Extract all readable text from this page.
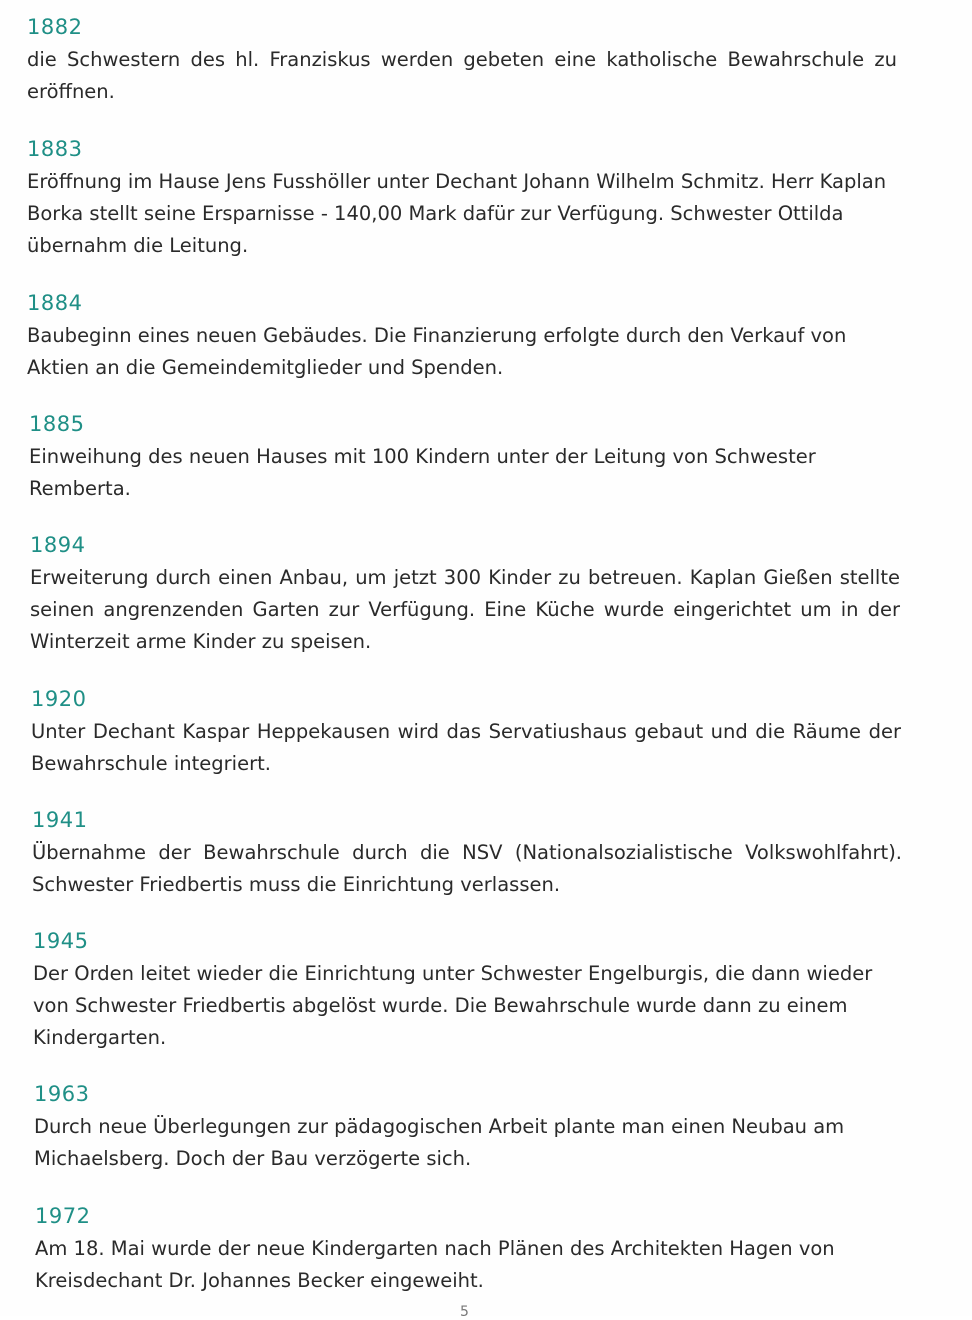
1882
die Schwestern des hl. Franziskus werden gebeten eine katholische Bewahrschule zu eröffnen.
1883
Eröffnung im Hause Jens Fusshöller unter Dechant Johann Wilhelm Schmitz. Herr Kaplan Borka stellt seine Ersparnisse - 140,00 Mark dafür zur Verfügung. Schwester Ottilda übernahm die Leitung.
1884
Baubeginn eines neuen Gebäudes. Die Finanzierung erfolgte durch den Verkauf von Aktien an die Gemeindemitglieder und Spenden.
1885
Einweihung des neuen Hauses mit 100 Kindern unter der Leitung von Schwester Remberta.
1894
Erweiterung durch einen Anbau, um jetzt 300 Kinder zu betreuen. Kaplan Gießen stellte seinen angrenzenden Garten zur Verfügung. Eine Küche wurde eingerichtet um in der Winterzeit arme Kinder zu speisen.
1920
Unter Dechant Kaspar Heppekausen wird das Servatiushaus gebaut und die Räume der Bewahrschule integriert.
1941
Übernahme der Bewahrschule durch die NSV (Nationalsozialistische Volkswohlfahrt). Schwester Friedbertis muss die Einrichtung verlassen.
1945
Der Orden leitet wieder die Einrichtung unter Schwester Engelburgis, die dann wieder von Schwester Friedbertis abgelöst wurde. Die Bewahrschule wurde dann zu einem Kindergarten.
1963
Durch neue Überlegungen zur pädagogischen Arbeit plante man einen Neubau am Michaelsberg. Doch der Bau verzögerte sich.
1972
Am 18. Mai wurde der neue Kindergarten nach Plänen des Architekten Hagen von Kreisdechant Dr. Johannes Becker eingeweiht.
5
